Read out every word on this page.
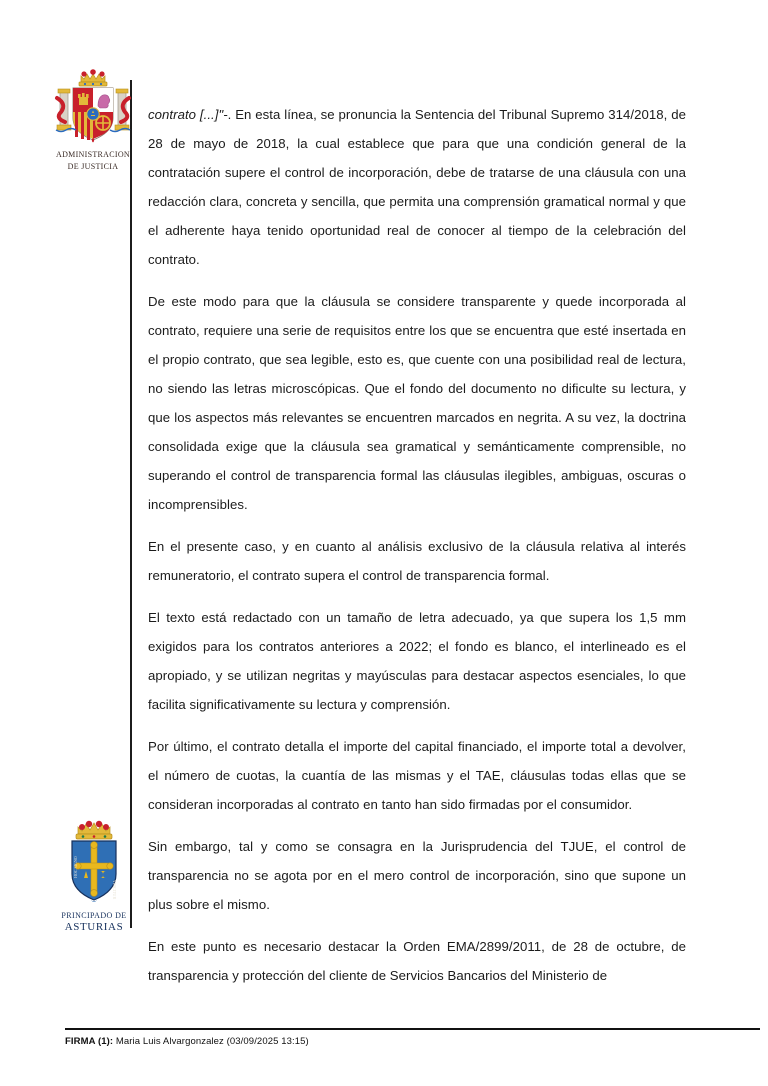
ADMINISTRACION
DE JUSTICIA
HOC SIGNO
VINCITUR
PRINCIPADO DE
ASTURIAS

contrato [...]"-. En esta línea, se pronuncia la Sentencia del Tribunal Supremo 314/2018, de 28 de mayo de 2018, la cual establece que para que una condición general de la contratación supere el control de incorporación, debe de tratarse de una cláusula con una redacción clara, concreta y sencilla, que permita una comprensión gramatical normal y que el adherente haya tenido oportunidad real de conocer al tiempo de la celebración del contrato.

De este modo para que la cláusula se considere transparente y quede incorporada al contrato, requiere una serie de requisitos entre los que se encuentra que esté insertada en el propio contrato, que sea legible, esto es, que cuente con una posibilidad real de lectura, no siendo las letras microscópicas. Que el fondo del documento no dificulte su lectura, y que los aspectos más relevantes se encuentren marcados en negrita. A su vez, la doctrina consolidada exige que la cláusula sea gramatical y semánticamente comprensible, no superando el control de transparencia formal las cláusulas ilegibles, ambiguas, oscuras o incomprensibles.

En el presente caso, y en cuanto al análisis exclusivo de la cláusula relativa al interés remuneratorio, el contrato supera el control de transparencia formal.

El texto está redactado con un tamaño de letra adecuado, ya que supera los 1,5 mm exigidos para los contratos anteriores a 2022; el fondo es blanco, el interlineado es el apropiado, y se utilizan negritas y mayúsculas para destacar aspectos esenciales, lo que facilita significativamente su lectura y comprensión.

Por último, el contrato detalla el importe del capital financiado, el importe total a devolver, el número de cuotas, la cuantía de las mismas y el TAE, cláusulas todas ellas que se consideran incorporadas al contrato en tanto han sido firmadas por el consumidor.

Sin embargo, tal y como se consagra en la Jurisprudencia del TJUE, el control de transparencia no se agota por en el mero control de incorporación, sino que supone un plus sobre el mismo.

En este punto es necesario destacar la Orden EMA/2899/2011, de 28 de octubre, de transparencia y protección del cliente de Servicios Bancarios del Ministerio de

FIRMA (1): Maria Luis Alvargonzalez (03/09/2025 13:15)
